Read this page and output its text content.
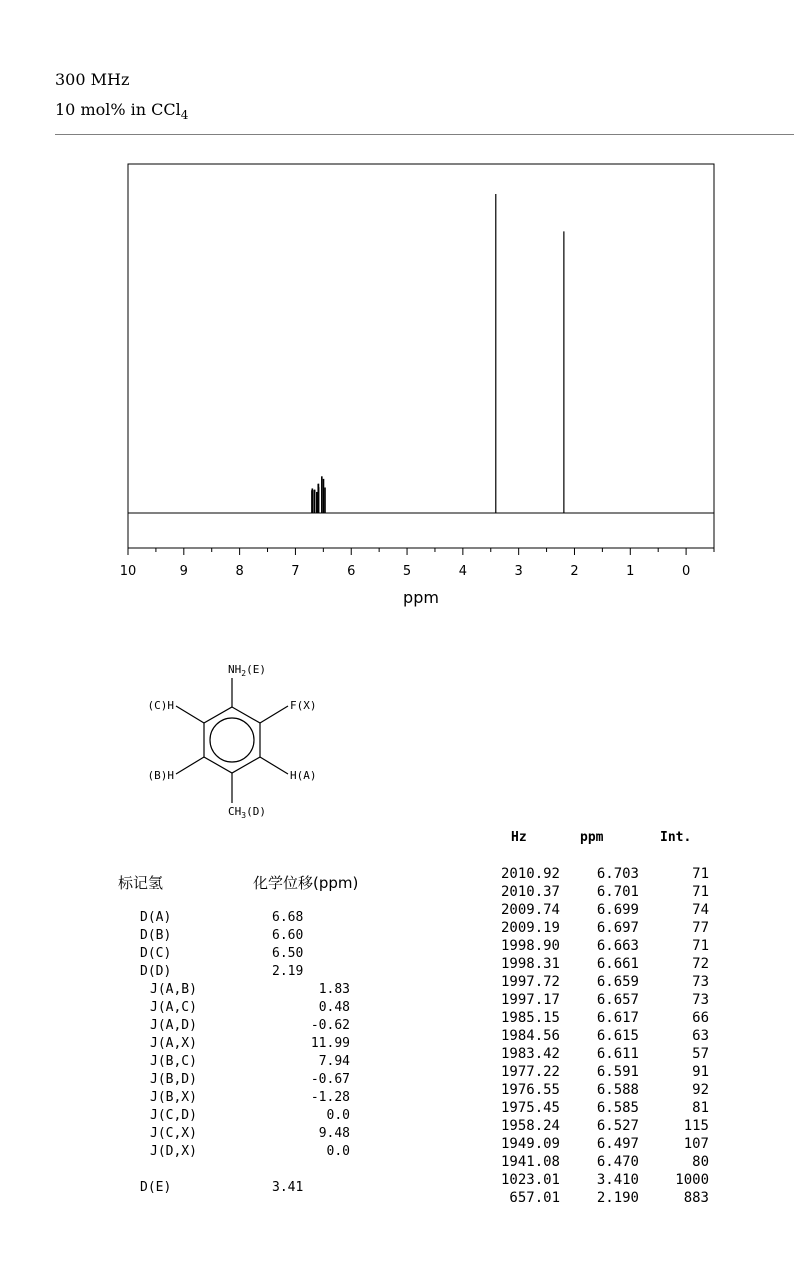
300 MHz
10 mol% in CCl$_4$
10	9	8	7	6	5	4	3	2	1	0
ppm
$NH_2(E)$
F(X)
H(A)
(B)H
(C)H
$CH_3(D)$
Hz	ppm	Int.
2010.92	6.703	71
2010.37	6.701	71
2009.74	6.699	74
2009.19	6.697	77
1998.90	6.663	71
1998.31	6.661	72
1997.72	6.659	73
1997.17	6.657	73
1985.15	6.617	66
1984.56	6.615	63
1983.42	6.611	57
1977.22	6.591	91
1976.55	6.588	92
1975.45	6.585	81
1958.24	6.527	115
1949.09	6.497	107
1941.08	6.470	80
1023.01	3.410	1000
657.01	2.190	883
标记氢	化学位移(ppm)
D(A)	6.68
D(B)	6.60
D(C)	6.50
D(D)	2.19
J(A,B)	1.83
J(A,C)	0.48
J(A,D)	-0.62
J(A,X)	11.99
J(B,C)	7.94
J(B,D)	-0.67
J(B,X)	-1.28
J(C,D)	0.0
J(C,X)	9.48
J(D,X)	0.0
D(E)	3.41
